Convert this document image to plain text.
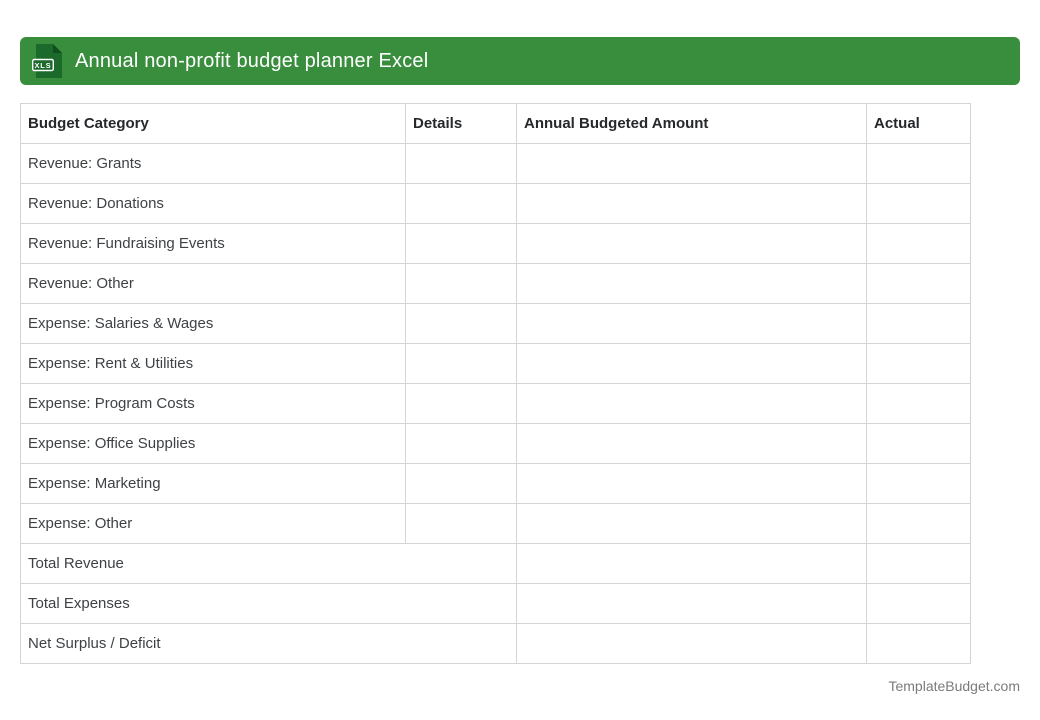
XLS Annual non-profit budget planner Excel
Budget Category	Details	Annual Budgeted Amount	Actual
Revenue: Grants			
Revenue: Donations			
Revenue: Fundraising Events			
Revenue: Other			
Expense: Salaries & Wages			
Expense: Rent & Utilities			
Expense: Program Costs			
Expense: Office Supplies			
Expense: Marketing			
Expense: Other			
Total Revenue			
Total Expenses			
Net Surplus / Deficit			
TemplateBudget.com
